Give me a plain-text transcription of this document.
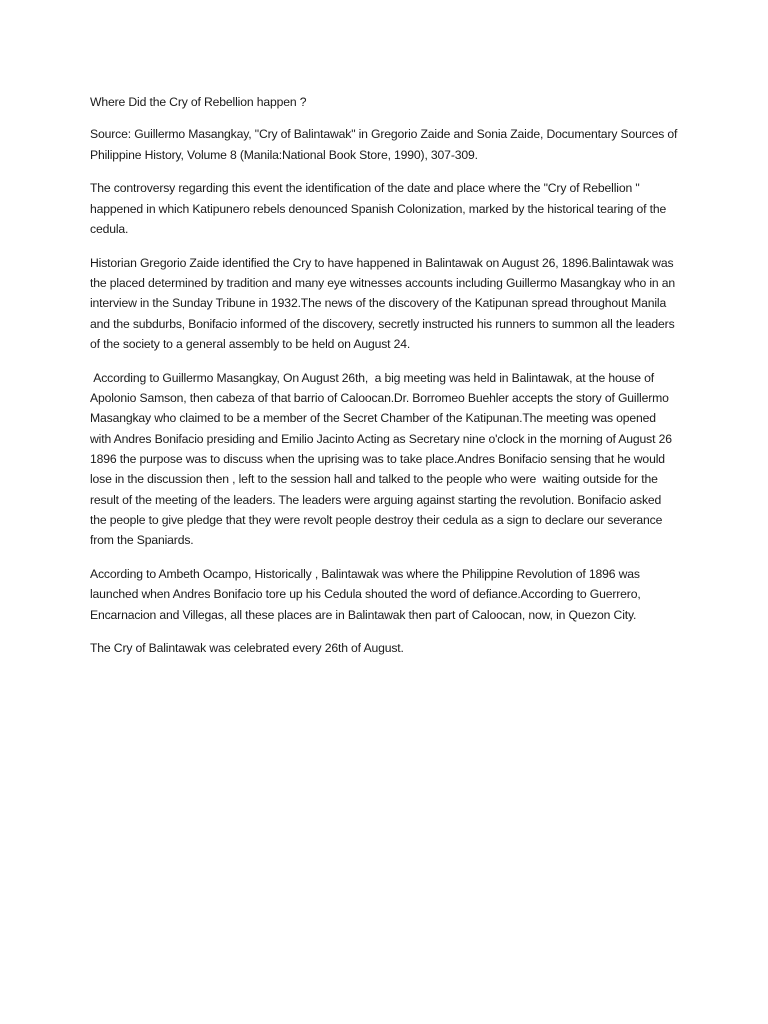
Where Did the Cry of Rebellion happen ?

Source: Guillermo Masangkay, "Cry of Balintawak" in Gregorio Zaide and Sonia Zaide, Documentary Sources of Philippine History, Volume 8 (Manila:National Book Store, 1990), 307-309.

The controversy regarding this event the identification of the date and place where the "Cry of Rebellion "  happened in which Katipunero rebels denounced Spanish Colonization, marked by the historical tearing of the cedula.

Historian Gregorio Zaide identified the Cry to have happened in Balintawak on August 26, 1896.Balintawak was the placed determined by tradition and many eye witnesses accounts including Guillermo Masangkay who in an interview in the Sunday Tribune in 1932.The news of the discovery of the Katipunan spread throughout Manila and the subdurbs, Bonifacio informed of the discovery, secretly instructed his runners to summon all the leaders of the society to a general assembly to be held on August 24.

According to Guillermo Masangkay, On August 26th,  a big meeting was held in Balintawak, at the house of Apolonio Samson, then cabeza of that barrio of Caloocan.Dr. Borromeo Buehler accepts the story of Guillermo Masangkay who claimed to be a member of the Secret Chamber of the Katipunan.The meeting was opened with Andres Bonifacio presiding and Emilio Jacinto Acting as Secretary nine o'clock in the morning of August 26 1896 the purpose was to discuss when the uprising was to take place.Andres Bonifacio sensing that he would lose in the discussion then , left to the session hall and talked to the people who were  waiting outside for the result of the meeting of the leaders. The leaders were arguing against starting the revolution. Bonifacio asked the people to give pledge that they were revolt people destroy their cedula as a sign to declare our severance from the Spaniards.

According to Ambeth Ocampo, Historically , Balintawak was where the Philippine Revolution of 1896 was launched when Andres Bonifacio tore up his Cedula shouted the word of defiance.According to Guerrero, Encarnacion and Villegas, all these places are in Balintawak then part of Caloocan, now, in Quezon City.

The Cry of Balintawak was celebrated every 26th of August.
